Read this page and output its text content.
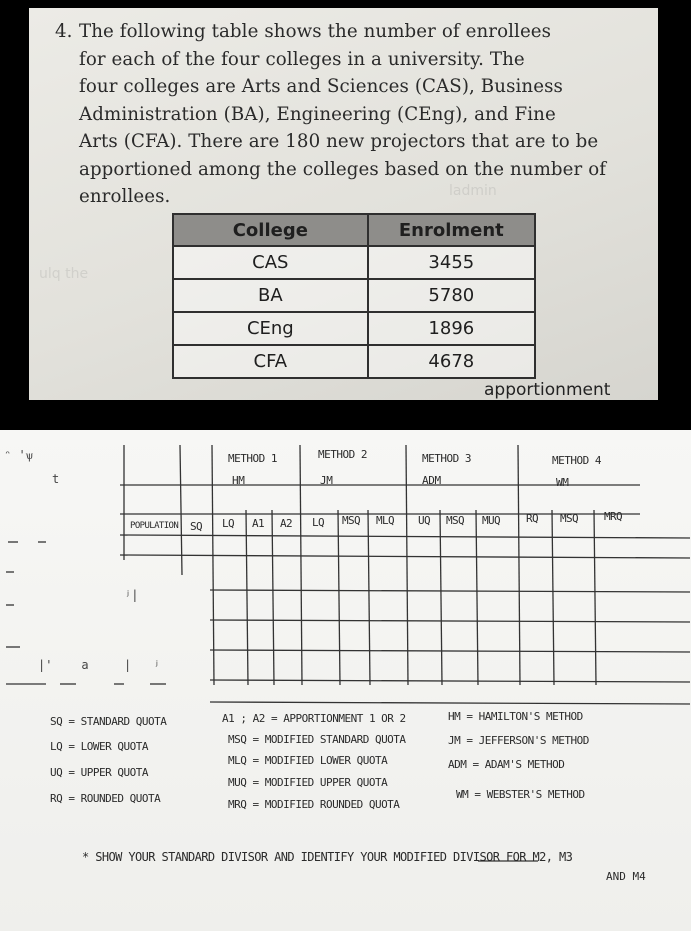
ladmin
ulq the
4. The following table shows the number of enrollees
for each of the four colleges in a university. The
four colleges are Arts and Sciences (CAS), Business
Administration (BA), Engineering (CEng), and Fine
Arts (CFA). There are 180 new projectors that are to be
apportioned among the colleges based on the number of
enrollees.
College	Enrolment
CAS	3455
BA	5780
CEng	1896
CFA	4678
apportionment
ᵔ 'ѱ
t
ʲ|
|'    a	|   ʲ
METHOD 1
HM
METHOD 2
JM
METHOD 3
ADM
METHOD 4
WM
POPULATION SQ LQ A1 A2 LQ MSQ MLQ UQ MSQ MUQ RQ MSQ MRQ
SQ = STANDARD QUOTA
LQ = LOWER QUOTA
UQ = UPPER QUOTA
RQ = ROUNDED QUOTA
A1 ; A2 = APPORTIONMENT 1 OR 2
MSQ = MODIFIED STANDARD QUOTA
MLQ = MODIFIED LOWER QUOTA
MUQ = MODIFIED UPPER QUOTA
MRQ = MODIFIED ROUNDED QUOTA
HM = HAMILTON'S METHOD
JM = JEFFERSON'S METHOD
ADM = ADAM'S METHOD
WM = WEBSTER'S METHOD
* SHOW YOUR STANDARD DIVISOR AND IDENTIFY YOUR MODIFIED DIVISOR FOR M2, M3
AND M4
